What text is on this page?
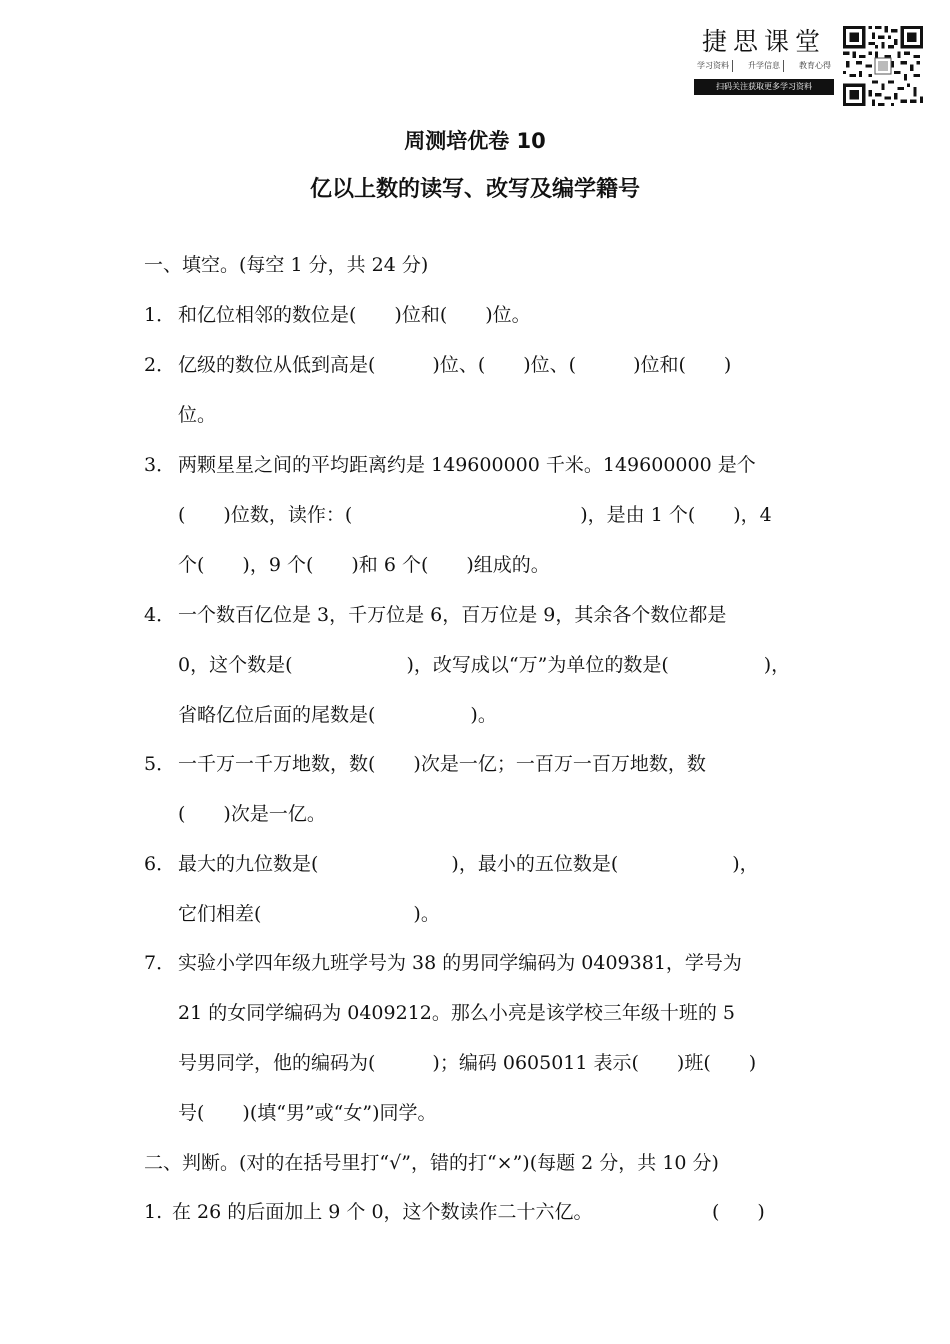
捷思课堂
学习资料	升学信息	教育心得
扫码关注获取更多学习资料
周测培优卷 10
亿以上数的读写、改写及编学籍号
一、填空。(每空 1 分，共 24 分)
1． 和亿位相邻的数位是(　　)位和(　　)位。
2． 亿级的数位从低到高是(　　　)位、(　　)位、(　　　)位和(　　)
位。
3． 两颗星星之间的平均距离约是 149600000 千米。149600000 是个
(　　)位数，读作：(　　　　　　　　　　　　)，是由 1 个(　　)，4
个(　　)，9 个(　　)和 6 个(　　)组成的。
4． 一个数百亿位是 3，千万位是 6，百万位是 9，其余各个数位都是
0，这个数是(　　　　　　)，改写成以“万”为单位的数是(　　　　　)，
省略亿位后面的尾数是(　　　　　)。
5． 一千万一千万地数，数(　　)次是一亿；一百万一百万地数，数
(　　)次是一亿。
6． 最大的九位数是(　　　　　　　)，最小的五位数是(　　　　　　)，
它们相差(　　　　　　　　)。
7． 实验小学四年级九班学号为 38 的男同学编码为 0409381，学号为
21 的女同学编码为 0409212。那么小亮是该学校三年级十班的 5
号男同学，他的编码为(　　　)；编码 0605011 表示(　　)班(　　)
号(　　)(填“男”或“女”)同学。
二、判断。(对的在括号里打“√”，错的打“×”)(每题 2 分，共 10 分)
1. 在 26 的后面加上 9 个 0，这个数读作二十六亿。	(　　)
